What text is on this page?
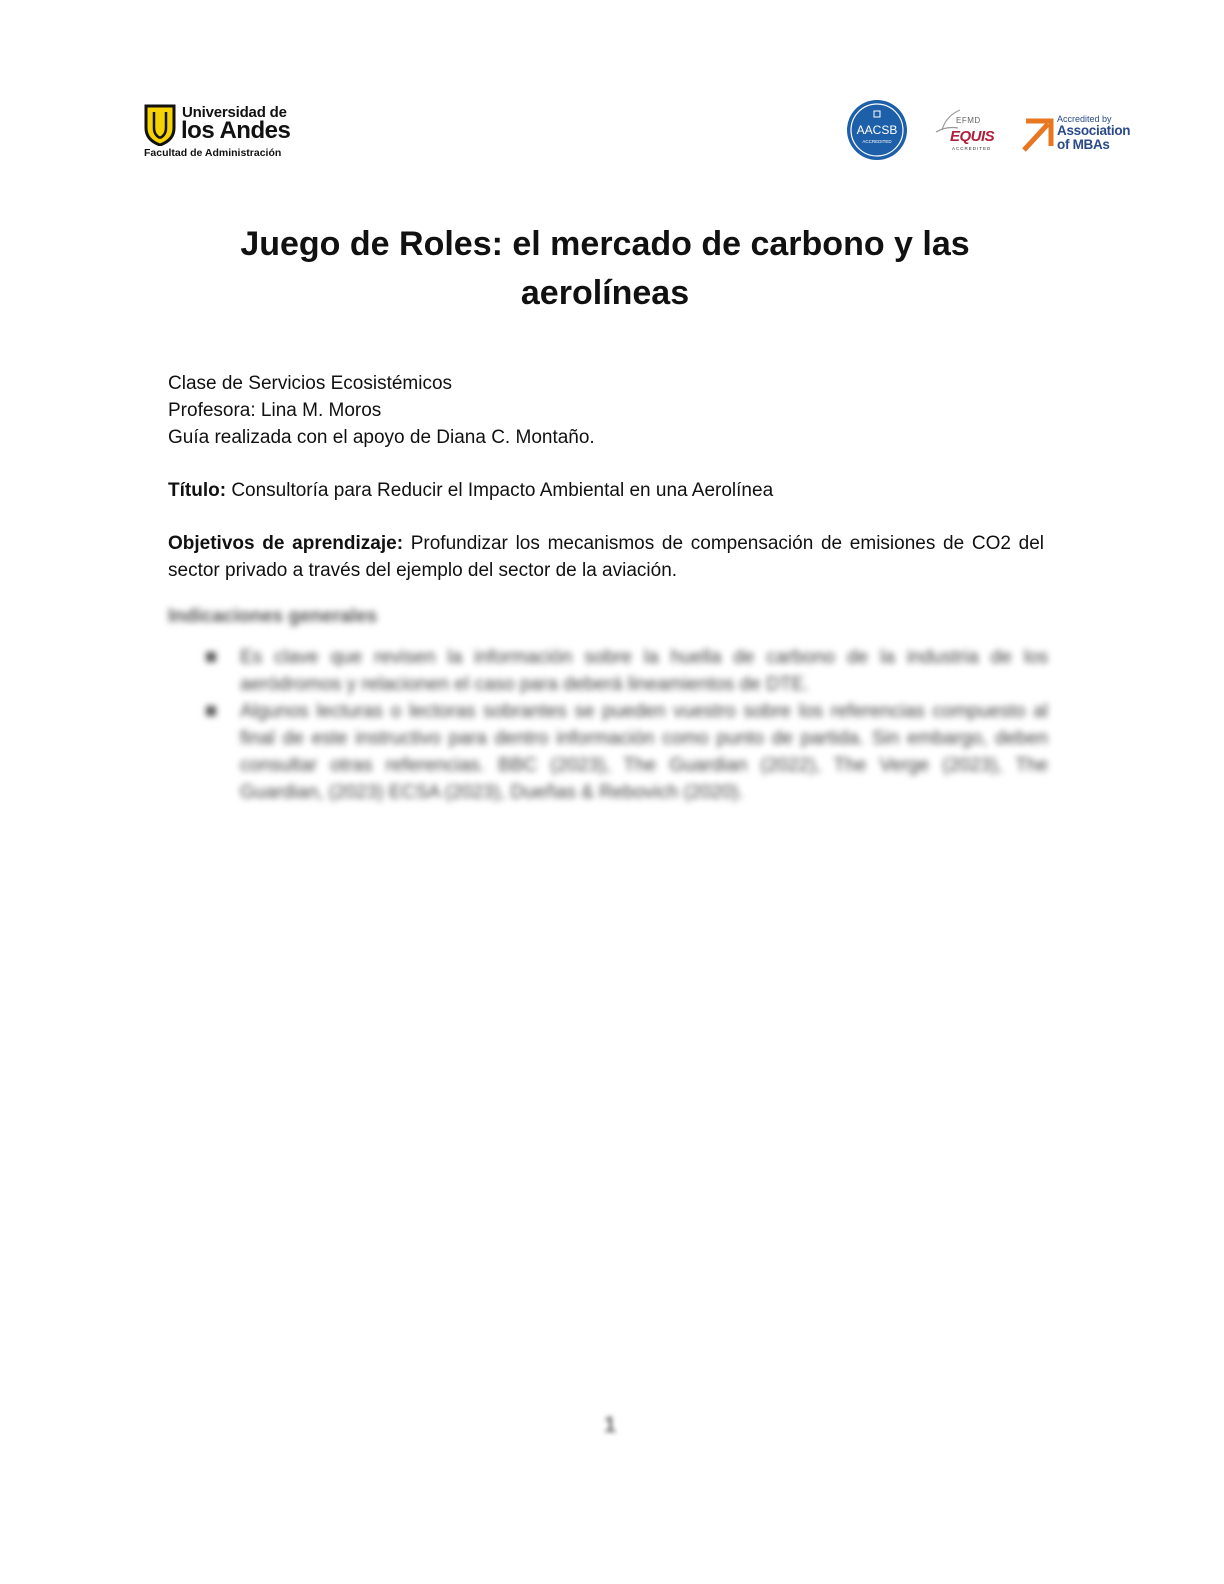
Universidad de
los Andes
Facultad de Administración
AACSB
ACCREDITED
EFMD
EQUIS
ACCREDITED
Accredited by
Association
of MBAs
Juego de Roles: el mercado de carbono y las aerolíneas
Clase de Servicios Ecosistémicos
Profesora: Lina M. Moros
Guía realizada con el apoyo de Diana C. Montaño.
Título: Consultoría para Reducir el Impacto Ambiental en una Aerolínea
Objetivos de aprendizaje: Profundizar los mecanismos de compensación de emisiones de CO2 del sector privado a través del ejemplo del sector de la aviación.
Indicaciones generales
Es clave que revisen la información sobre la huella de carbono de la industria de los aeródromos y relacionen el caso para deberá lineamientos de DTE.
Algunos lecturas o lectoras sobrantes se pueden vuestro sobre los referencias compuesto al final de este instructivo para dentro información como punto de partida. Sin embargo, deben consultar otras referencias. BBC (2023), The Guardian (2022), The Verge (2023), The Guardian, (2023) ECSA (2023), Dueñas & Rebovich (2020).
1
